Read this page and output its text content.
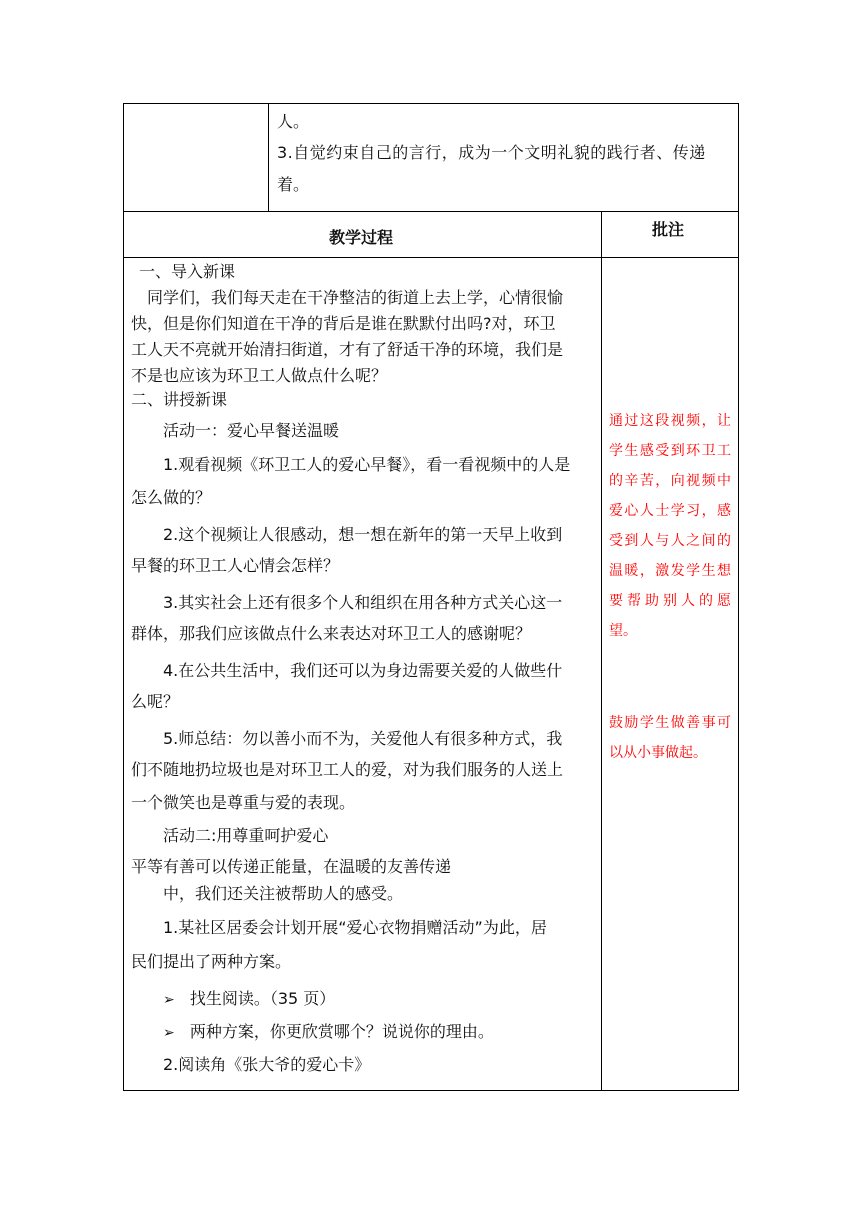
人。
3.自觉约束自己的言行，成为一个文明礼貌的践行者、传递
着。
教学过程	批注
一、导入新课
同学们，我们每天走在干净整洁的街道上去上学，心情很愉
快，但是你们知道在干净的背后是谁在默默付出吗?对，环卫
工人天不亮就开始清扫街道，才有了舒适干净的环境，我们是
不是也应该为环卫工人做点什么呢？
二、讲授新课
活动一：爱心早餐送温暖
1.观看视频《环卫工人的爱心早餐》，看一看视频中的人是
怎么做的？
2.这个视频让人很感动，想一想在新年的第一天早上收到
早餐的环卫工人心情会怎样？
3.其实社会上还有很多个人和组织在用各种方式关心这一
群体，那我们应该做点什么来表达对环卫工人的感谢呢？
4.在公共生活中，我们还可以为身边需要关爱的人做些什
么呢？
5.师总结：勿以善小而不为，关爱他人有很多种方式，我
们不随地扔垃圾也是对环卫工人的爱，对为我们服务的人送上
一个微笑也是尊重与爱的表现。
活动二:用尊重呵护爱心
平等有善可以传递正能量，在温暖的友善传递
中，我们还关注被帮助人的感受。
1.某社区居委会计划开展“爱心衣物捐赠活动”为此，居
民们提出了两种方案。
➢ 找生阅读。（35 页）
➢ 两种方案，你更欣赏哪个？说说你的理由。
2.阅读角《张大爷的爱心卡》
通过这段视频，让学生感受到环卫工的辛苦，向视频中爱心人士学习，感受到人与人之间的温暖，激发学生想要帮助别人的愿望。
鼓励学生做善事可以从小事做起。
